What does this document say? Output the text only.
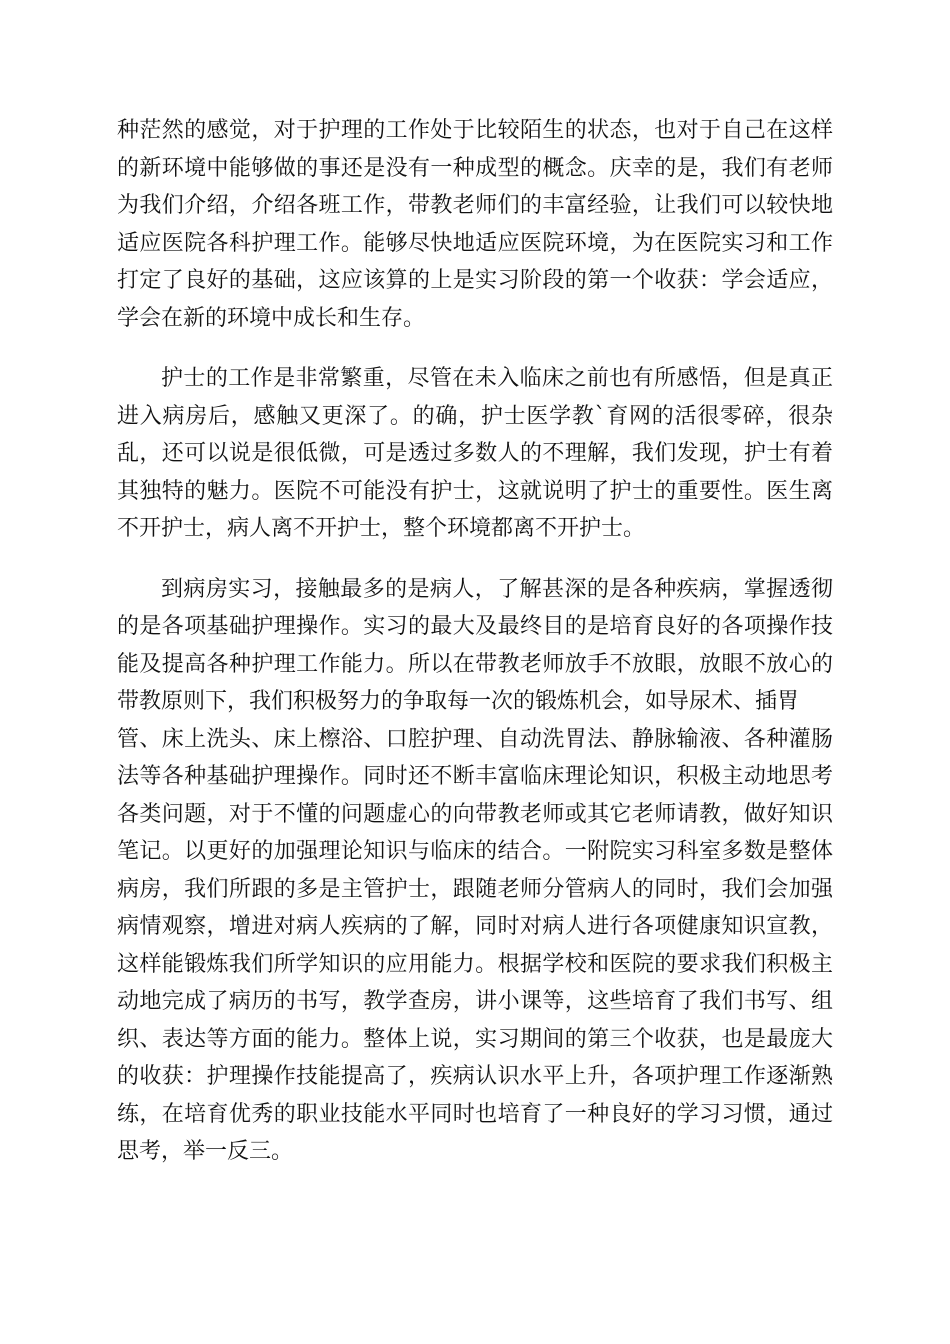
种茫然的感觉，对于护理的工作处于比较陌生的状态，也对于自己在这样
的新环境中能够做的事还是没有一种成型的概念。庆幸的是，我们有老师
为我们介绍，介绍各班工作，带教老师们的丰富经验，让我们可以较快地
适应医院各科护理工作。能够尽快地适应医院环境，为在医院实习和工作
打定了良好的基础，这应该算的上是实习阶段的第一个收获：学会适应，
学会在新的环境中成长和生存。
护士的工作是非常繁重，尽管在未入临床之前也有所感悟，但是真正
进入病房后，感触又更深了。的确，护士医学教`育网的活很零碎，很杂
乱，还可以说是很低微，可是透过多数人的不理解，我们发现，护士有着
其独特的魅力。医院不可能没有护士，这就说明了护士的重要性。医生离
不开护士，病人离不开护士，整个环境都离不开护士。
到病房实习，接触最多的是病人，了解甚深的是各种疾病，掌握透彻
的是各项基础护理操作。实习的最大及最终目的是培育良好的各项操作技
能及提高各种护理工作能力。所以在带教老师放手不放眼，放眼不放心的
带教原则下，我们积极努力的争取每一次的锻炼机会，如导尿术、插胃
管、床上洗头、床上檫浴、口腔护理、自动洗胃法、静脉输液、各种灌肠
法等各种基础护理操作。同时还不断丰富临床理论知识，积极主动地思考
各类问题，对于不懂的问题虚心的向带教老师或其它老师请教，做好知识
笔记。以更好的加强理论知识与临床的结合。一附院实习科室多数是整体
病房，我们所跟的多是主管护士，跟随老师分管病人的同时，我们会加强
病情观察，增进对病人疾病的了解，同时对病人进行各项健康知识宣教，
这样能锻炼我们所学知识的应用能力。根据学校和医院的要求我们积极主
动地完成了病历的书写，教学查房，讲小课等，这些培育了我们书写、组
织、表达等方面的能力。整体上说，实习期间的第三个收获，也是最庞大
的收获：护理操作技能提高了，疾病认识水平上升，各项护理工作逐渐熟
练，在培育优秀的职业技能水平同时也培育了一种良好的学习习惯，通过
思考，举一反三。
